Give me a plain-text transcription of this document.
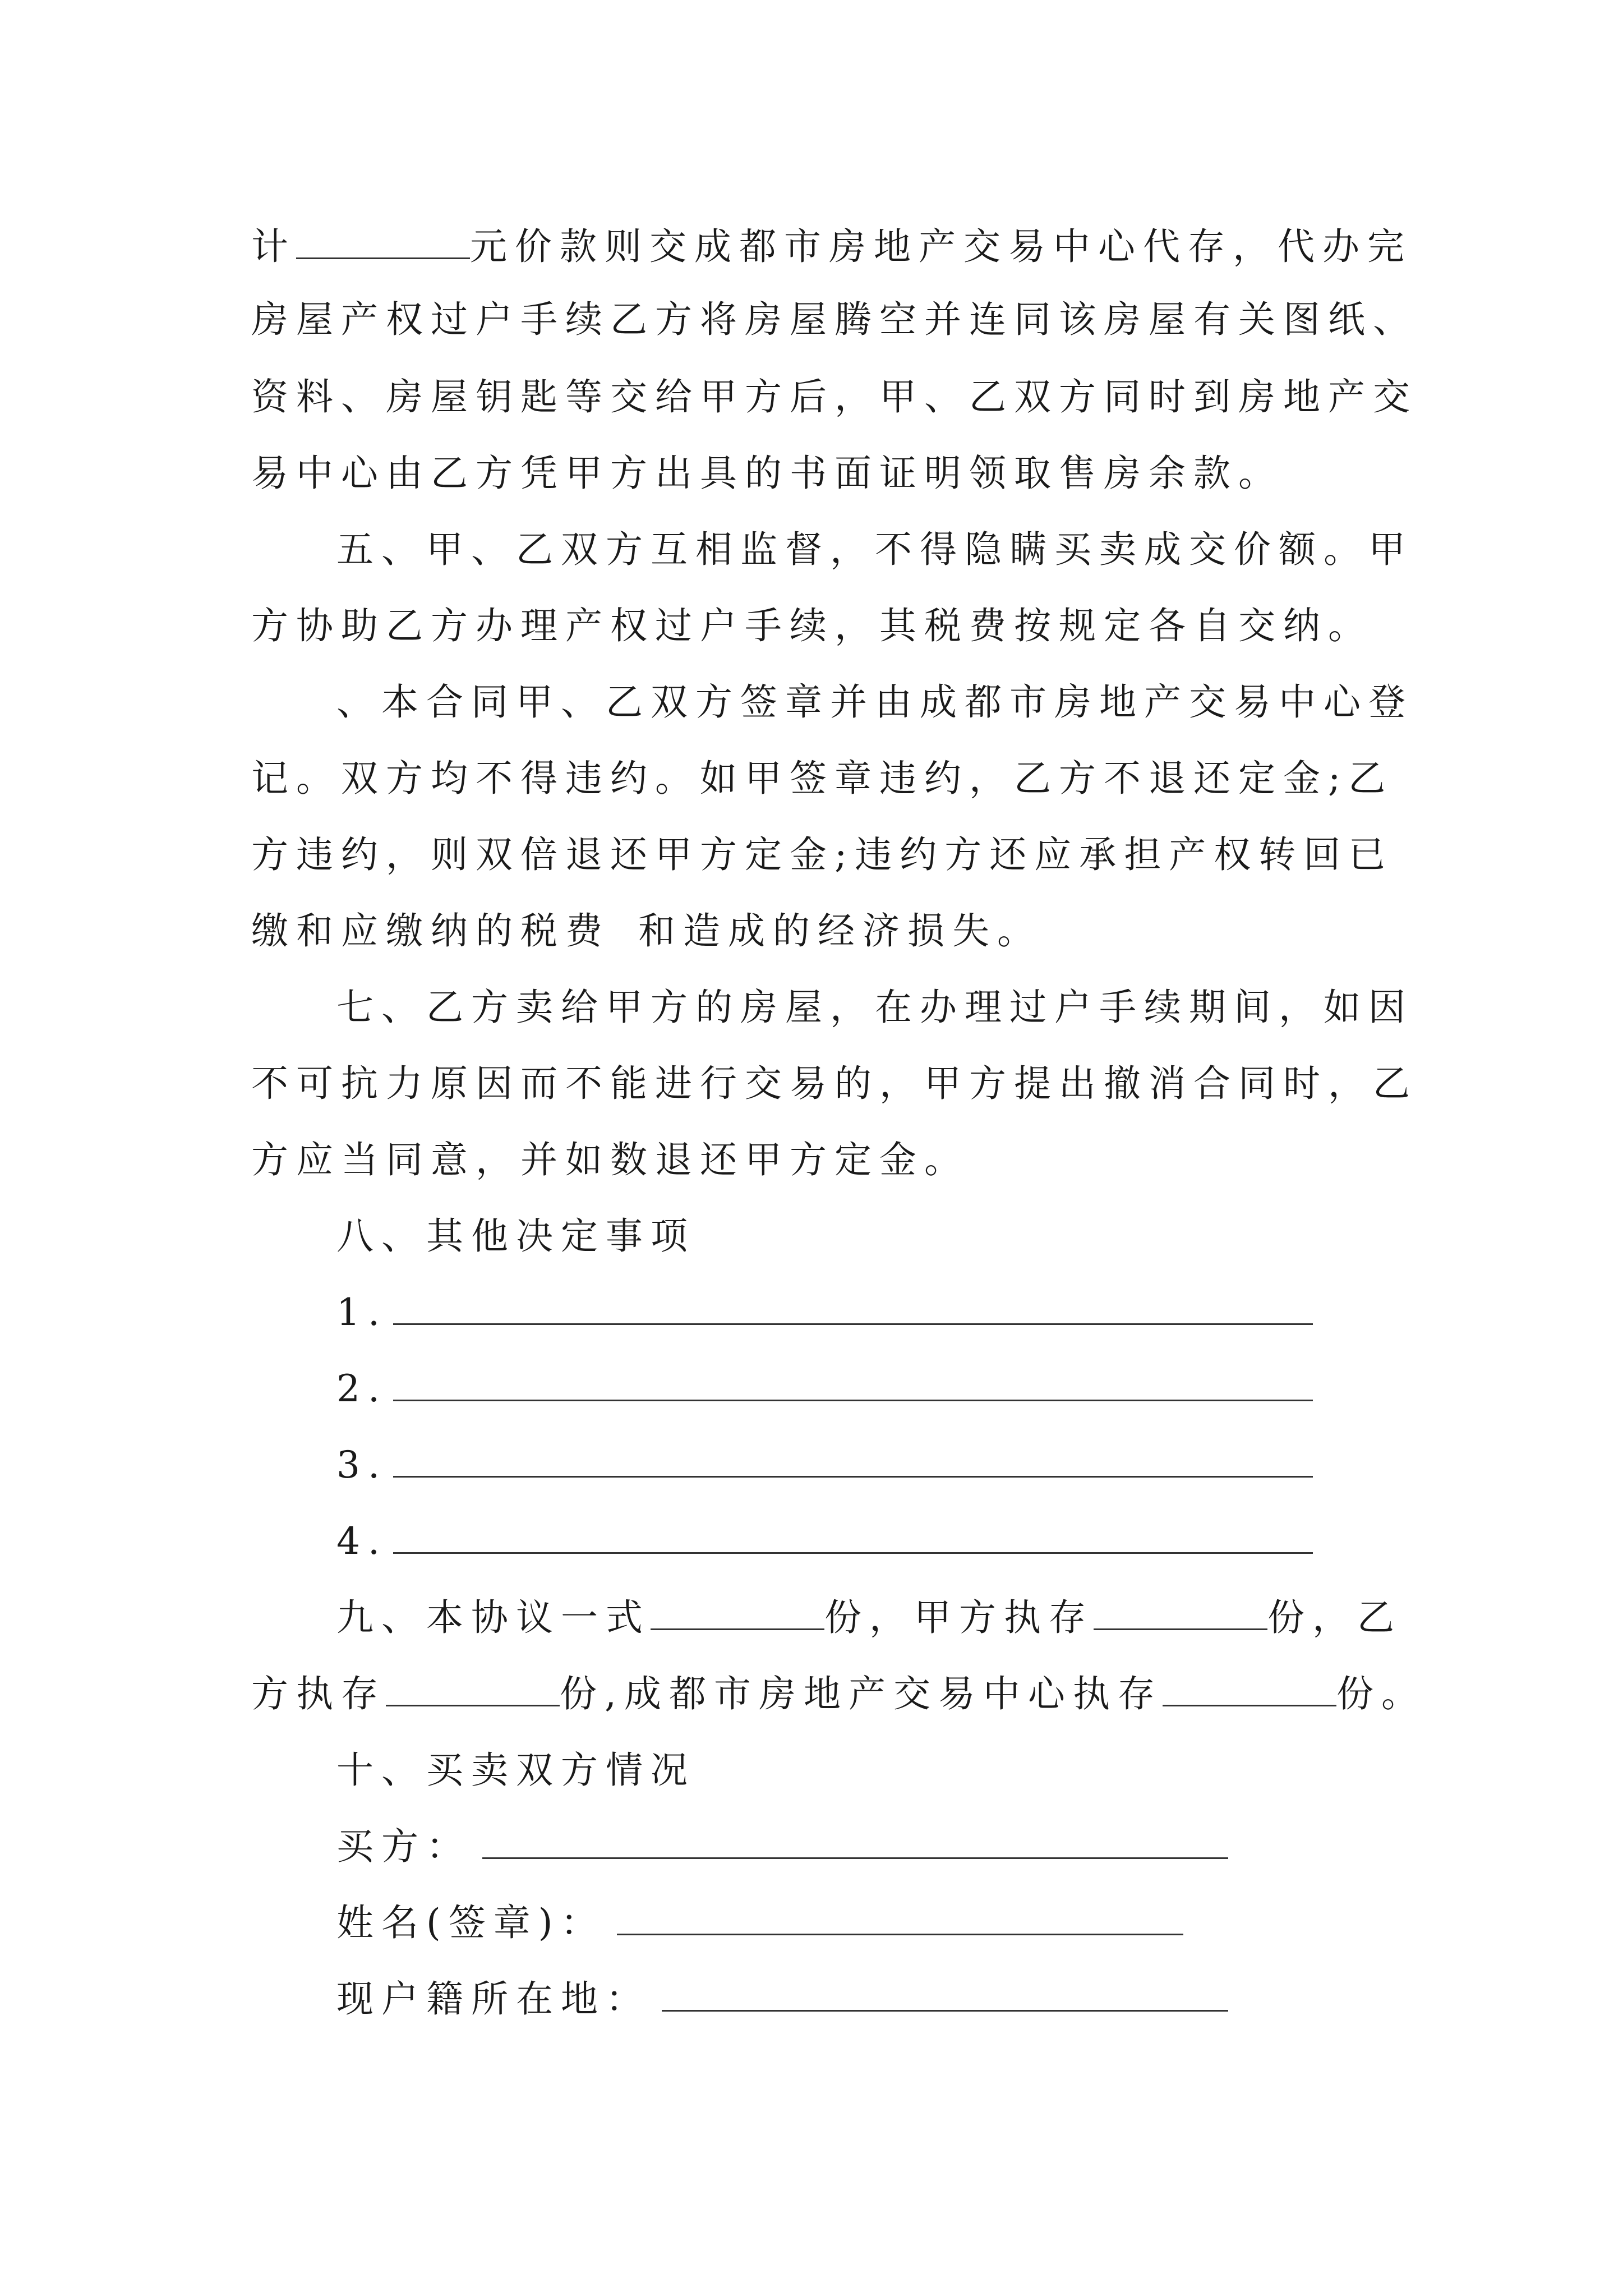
计	元价款则交成都市房地产交易中心代存，代办完
房屋产权过户手续乙方将房屋腾空并连同该房屋有关图纸、
资料、房屋钥匙等交给甲方后，甲、乙双方同时到房地产交
易中心由乙方凭甲方出具的书面证明领取售房余款。
五、甲、乙双方互相监督，不得隐瞒买卖成交价额。甲
方协助乙方办理产权过户手续，其税费按规定各自交纳。
、本合同甲、乙双方签章并由成都市房地产交易中心登
记。双方均不得违约。如甲签章违约，乙方不退还定金;乙
方违约，则双倍退还甲方定金;违约方还应承担产权转回已
缴和应缴纳的税费 和造成的经济损失。
七、乙方卖给甲方的房屋，在办理过户手续期间，如因
不可抗力原因而不能进行交易的，甲方提出撤消合同时，乙
方应当同意，并如数退还甲方定金。
八、其他决定事项
1.
2.
3.
4.
九、本协议一式	份，甲方执存	份，乙
方执存	份,成都市房地产交易中心执存	份。
十、买卖双方情况
买方：
姓名(签章)：
现户籍所在地：
